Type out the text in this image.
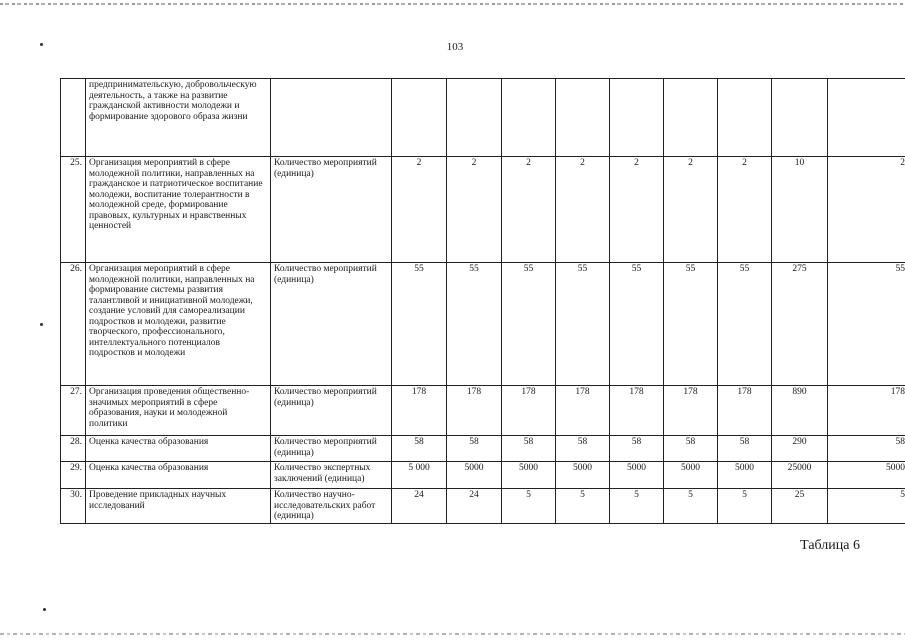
103
	предпринимательскую, добровольческую деятельность, а также на развитие гражданской активности молодежи и формирование здорового образа жизни										
25.	Организация мероприятий в сфере молодежной политики, направленных на гражданское и патриотическое воспитание молодежи, воспитание толерантности в молодежной среде, формирование правовых, культурных и нравственных ценностей	Количество мероприятий (единица)	2	2	2	2	2	2	2	10	2
26.	Организация мероприятий в сфере молодежной политики, направленных на формирование системы развития талантливой и инициативной молодежи, создание условий для самореализации подростков и молодежи, развитие творческого, профессионального, интеллектуального потенциалов подростков и молодежи	Количество мероприятий (единица)	55	55	55	55	55	55	55	275	55
27.	Организация проведения общественно-значимых мероприятий в сфере образования, науки и молодежной политики	Количество мероприятий (единица)	178	178	178	178	178	178	178	890	178
28.	Оценка качества образования	Количество мероприятий (единица)	58	58	58	58	58	58	58	290	58
29.	Оценка качества образования	Количество экспертных заключений (единица)	5 000	5000	5000	5000	5000	5000	5000	25000	5000
30.	Проведение прикладных научных исследований	Количество научно-исследовательских работ (единица)	24	24	5	5	5	5	5	25	5
Таблица 6
